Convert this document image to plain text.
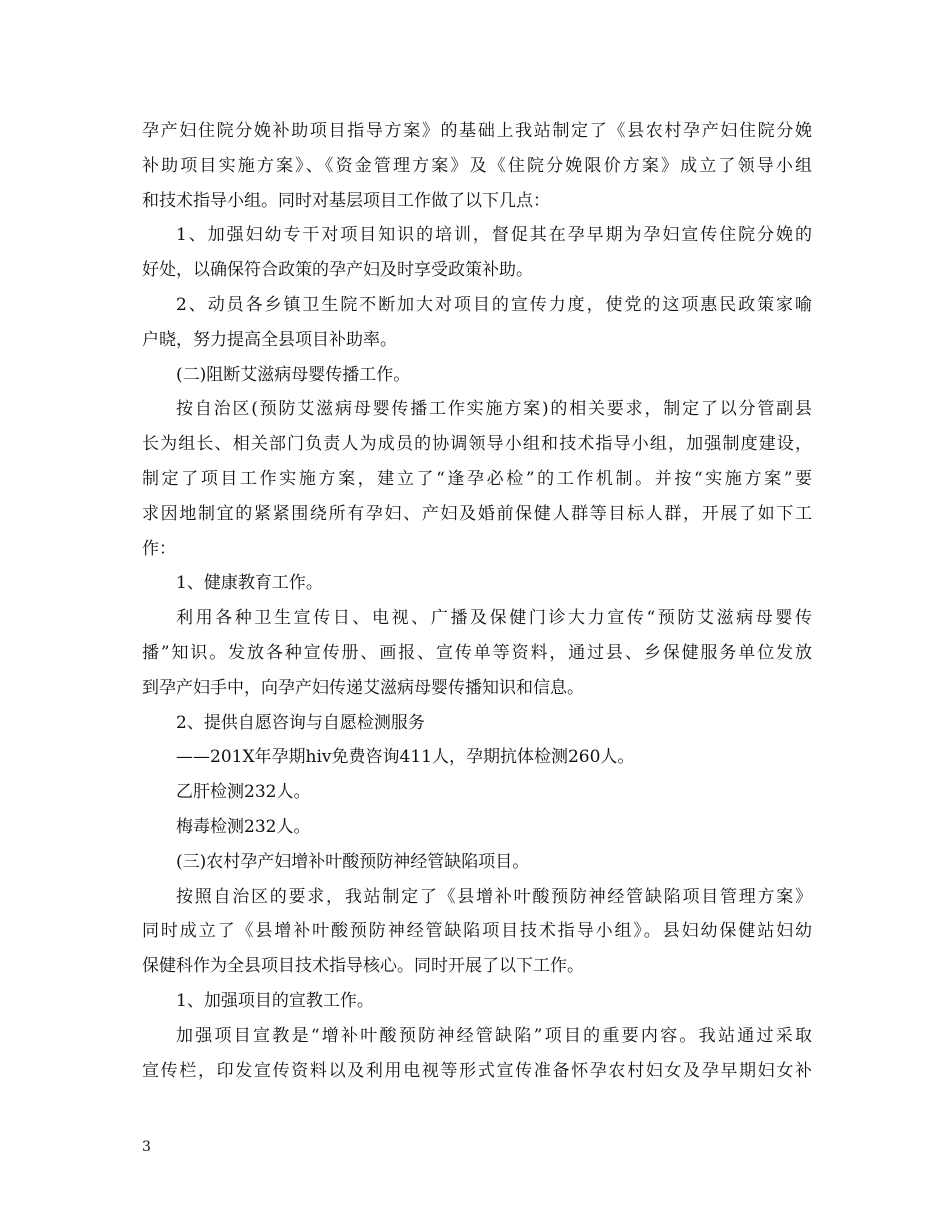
孕产妇住院分娩补助项目指导方案》的基础上我站制定了《县农村孕产妇住院分娩
补助项目实施方案》、《资金管理方案》及《住院分娩限价方案》成立了领导小组
和技术指导小组。同时对基层项目工作做了以下几点：
1、加强妇幼专干对项目知识的培训，督促其在孕早期为孕妇宣传住院分娩的
好处，以确保符合政策的孕产妇及时享受政策补助。
2、动员各乡镇卫生院不断加大对项目的宣传力度，使党的这项惠民政策家喻
户晓，努力提高全县项目补助率。
(二)阻断艾滋病母婴传播工作。
按自治区(预防艾滋病母婴传播工作实施方案)的相关要求，制定了以分管副县
长为组长、相关部门负责人为成员的协调领导小组和技术指导小组，加强制度建设，
制定了项目工作实施方案，建立了“逢孕必检”的工作机制。并按“实施方案”要
求因地制宜的紧紧围绕所有孕妇、产妇及婚前保健人群等目标人群，开展了如下工
作：
1、健康教育工作。
利用各种卫生宣传日、电视、广播及保健门诊大力宣传“预防艾滋病母婴传
播”知识。发放各种宣传册、画报、宣传单等资料，通过县、乡保健服务单位发放
到孕产妇手中，向孕产妇传递艾滋病母婴传播知识和信息。
2、提供自愿咨询与自愿检测服务
——201X年孕期hiv免费咨询411人，孕期抗体检测260人。
乙肝检测232人。
梅毒检测232人。
(三)农村孕产妇增补叶酸预防神经管缺陷项目。
按照自治区的要求，我站制定了《县增补叶酸预防神经管缺陷项目管理方案》
同时成立了《县增补叶酸预防神经管缺陷项目技术指导小组》。县妇幼保健站妇幼
保健科作为全县项目技术指导核心。同时开展了以下工作。
1、加强项目的宣教工作。
加强项目宣教是“增补叶酸预防神经管缺陷”项目的重要内容。我站通过采取
宣传栏，印发宣传资料以及利用电视等形式宣传准备怀孕农村妇女及孕早期妇女补
3
